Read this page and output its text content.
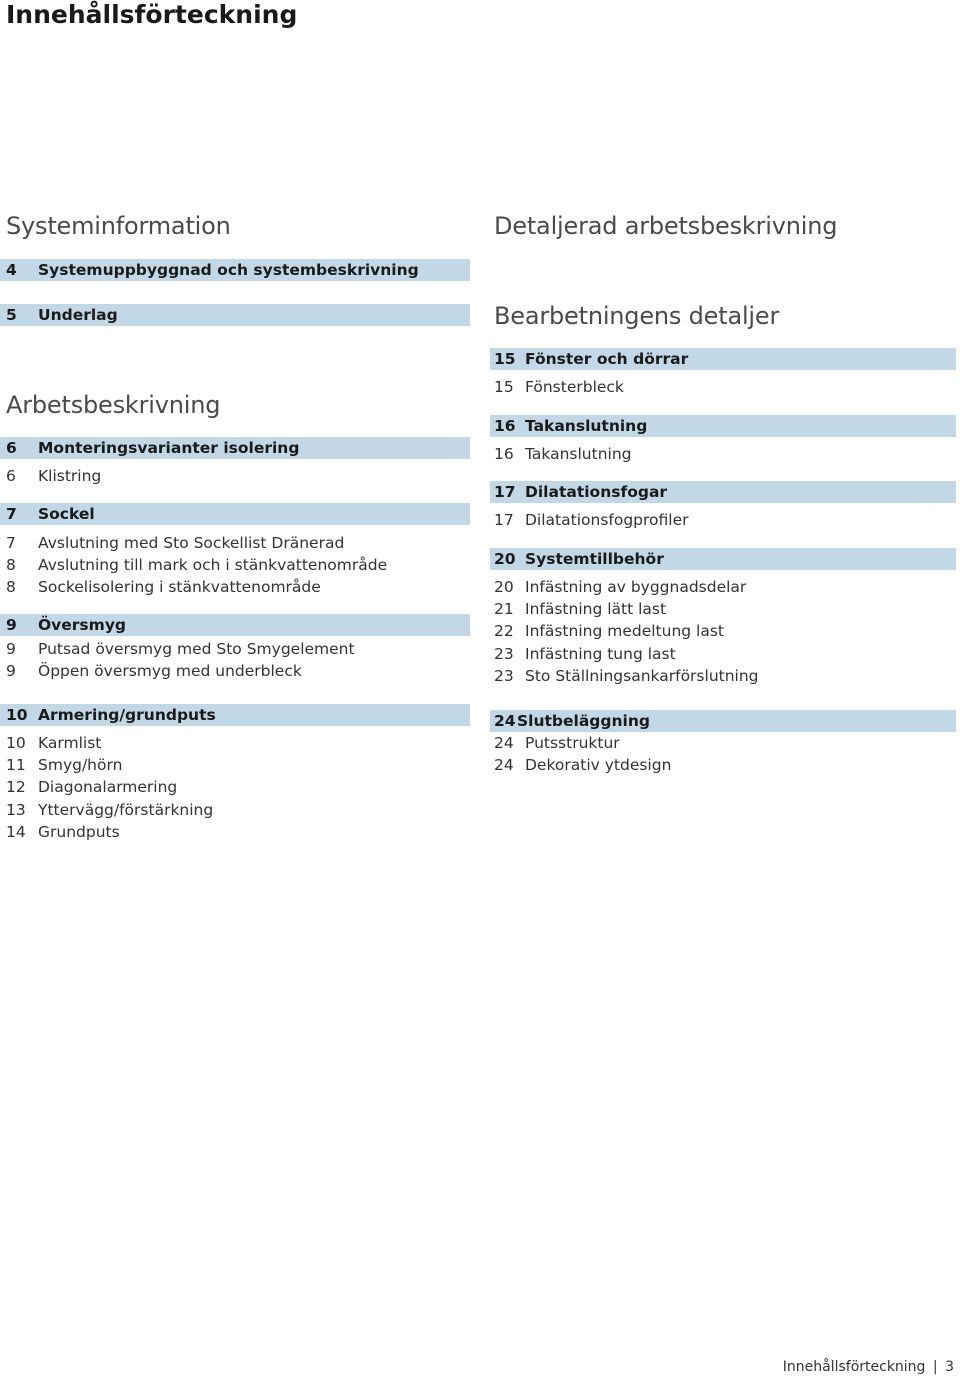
Innehållsförteckning
Systeminformation
4 Systemuppbyggnad och systembeskrivning
5 Underlag
Arbetsbeskrivning
6 Monteringsvarianter isolering
6 Klistring
7 Sockel
7 Avslutning med Sto Sockellist Dränerad
8 Avslutning till mark och i stänkvattenområde
8 Sockelisolering i stänkvattenområde
9 Översmyg
9 Putsad översmyg med Sto Smygelement
9 Öppen översmyg med underbleck
10 Armering/grundputs
10 Karmlist
11 Smyg/hörn
12 Diagonalarmering
13 Yttervägg/förstärkning
14 Grundputs
Detaljerad arbetsbeskrivning
Bearbetningens detaljer
15 Fönster och dörrar
15 Fönsterbleck
16 Takanslutning
16 Takanslutning
17 Dilatationsfogar
17 Dilatationsfogprofiler
20 Systemtillbehör
20 Infästning av byggnadsdelar
21 Infästning lätt last
22 Infästning medeltung last
23 Infästning tung last
23 Sto Ställningsankarförslutning
24 Slutbeläggning
24 Putsstruktur
24 Dekorativ ytdesign
Innehållsförteckning | 3
